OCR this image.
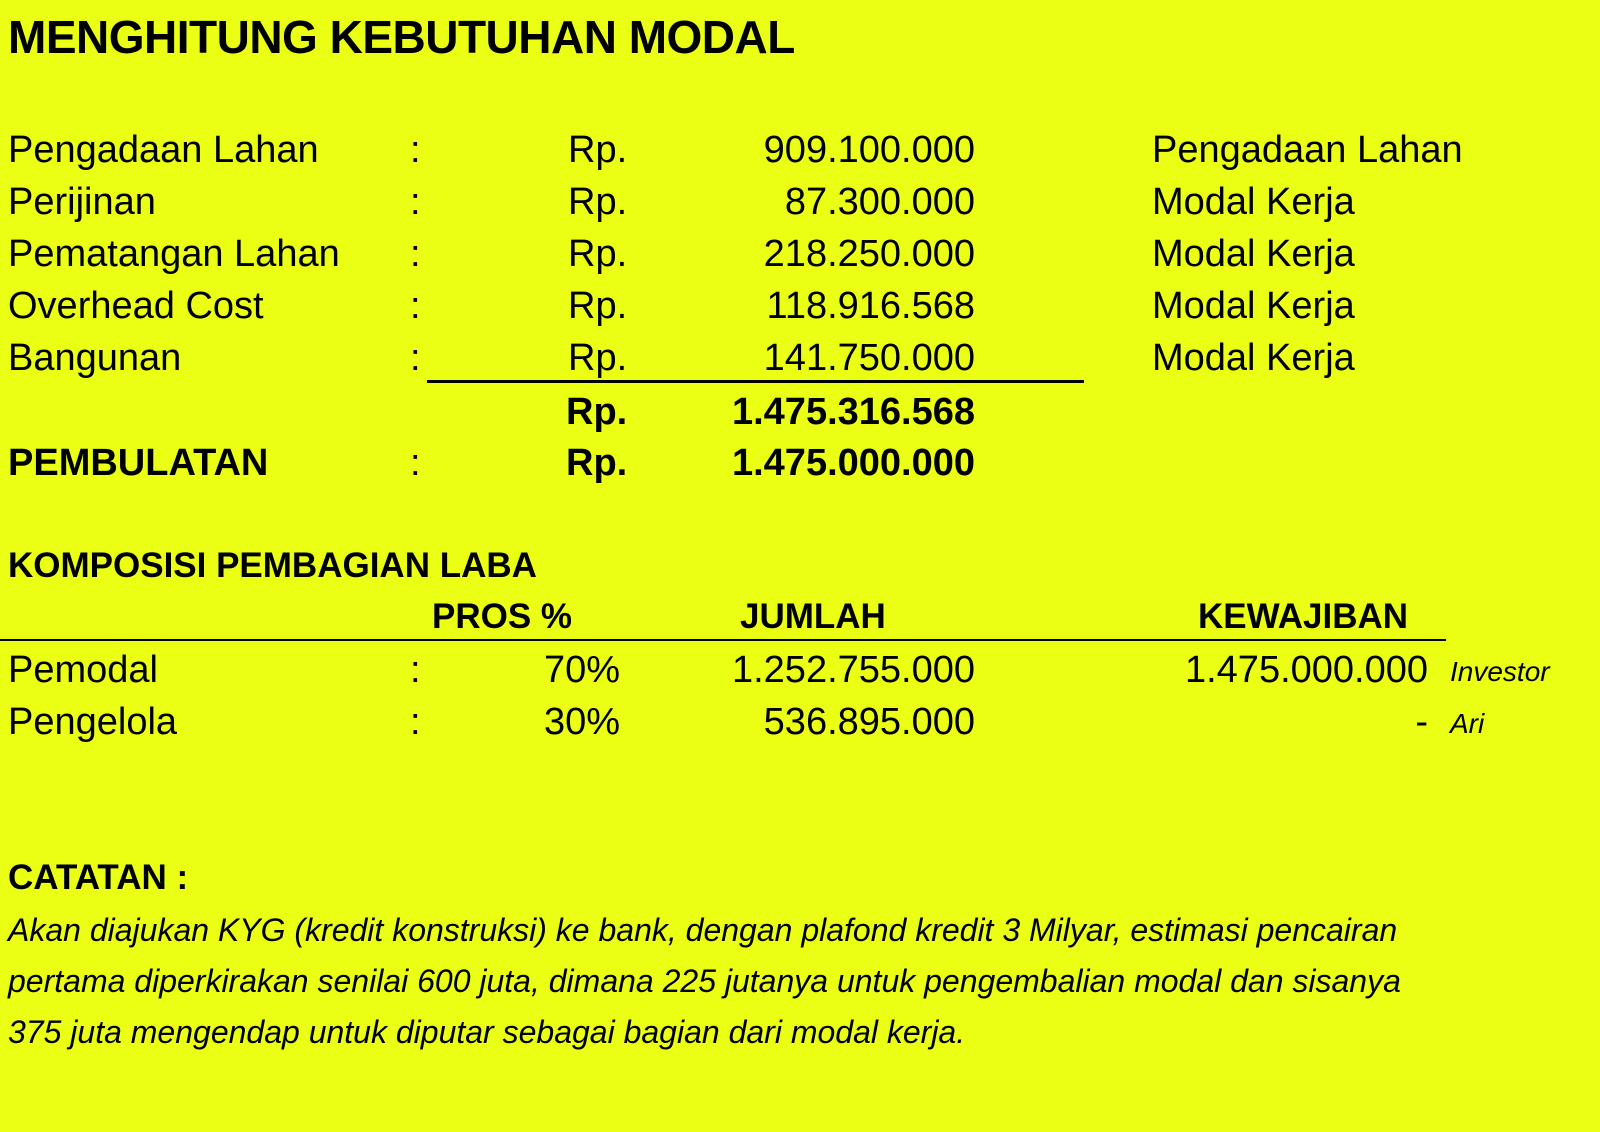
MENGHITUNG KEBUTUHAN MODAL
Pengadaan Lahan :	Rp.	909.100.000	Pengadaan Lahan
Perijinan	:	Rp.	87.300.000	Modal Kerja
Pematangan Lahan :	Rp.	218.250.000	Modal Kerja
Overhead Cost	:	Rp.	118.916.568	Modal Kerja
Bangunan	:	Rp.	141.750.000	Modal Kerja
Rp.	1.475.316.568
PEMBULATAN	:	Rp.	1.475.000.000
KOMPOSISI PEMBAGIAN LABA
PROS %	JUMLAH	KEWAJIBAN
Pemodal	:	70%	1.252.755.000	1.475.000.000 Investor
Pengelola	:	30%	536.895.000	- Ari
CATATAN :
Akan diajukan KYG (kredit konstruksi) ke bank, dengan plafond kredit 3 Milyar, estimasi pencairan
pertama diperkirakan senilai 600 juta, dimana 225 jutanya untuk pengembalian modal dan sisanya
375 juta mengendap untuk diputar sebagai bagian dari modal kerja.
